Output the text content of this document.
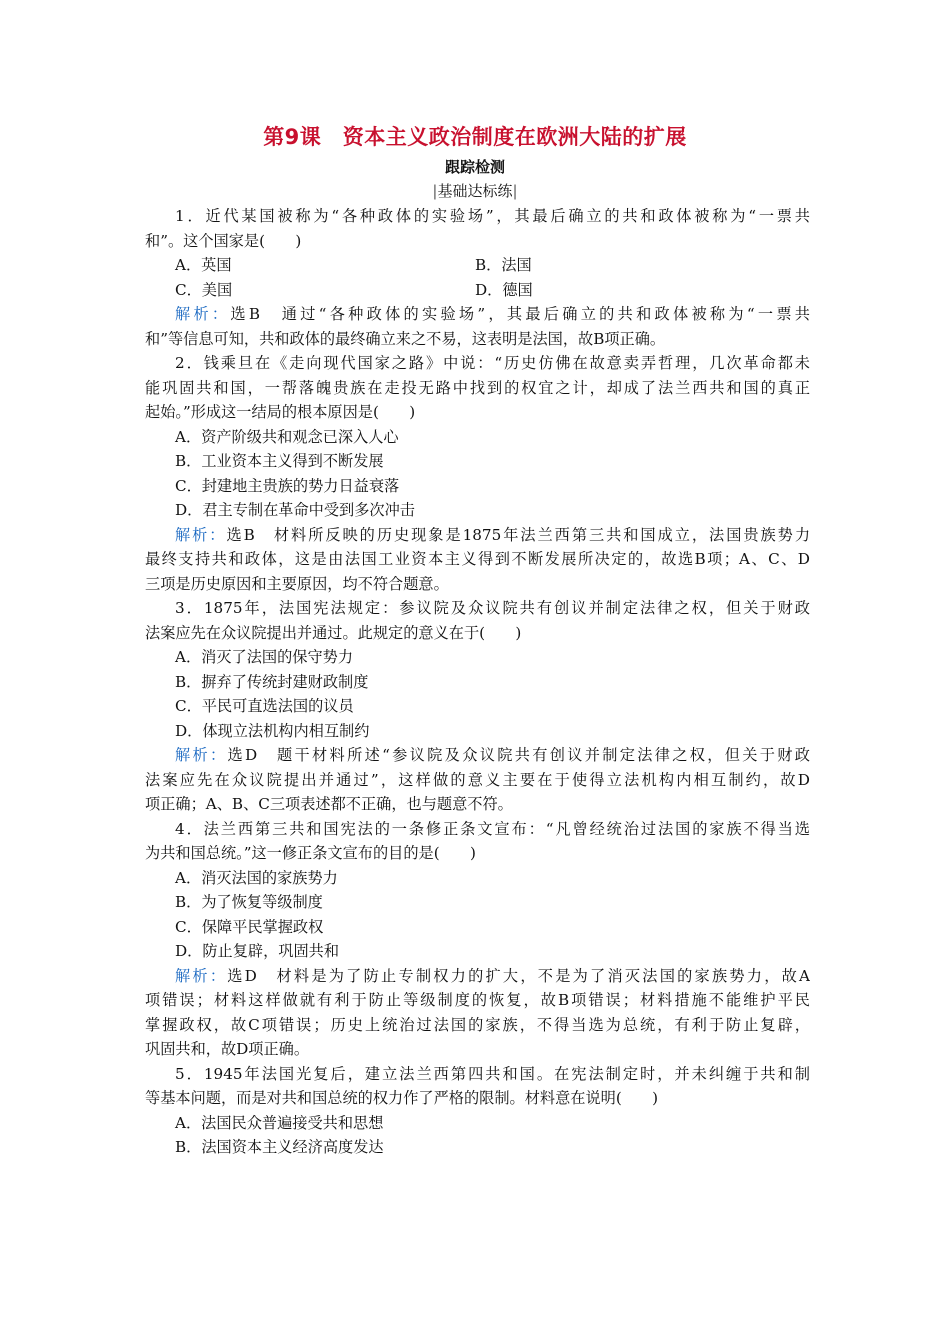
第9课　资本主义政治制度在欧洲大陆的扩展
跟踪检测
|基础达标练|
1．近代某国被称为“各种政体的实验场”，其最后确立的共和政体被称为“一票共
和”。这个国家是(　　)
A．英国	B．法国
C．美国	D．德国
解析：选B　通过“各种政体的实验场”，其最后确立的共和政体被称为“一票共
和”等信息可知，共和政体的最终确立来之不易，这表明是法国，故B项正确。
2．钱乘旦在《走向现代国家之路》中说：“历史仿佛在故意卖弄哲理，几次革命都未
能巩固共和国，一帮落魄贵族在走投无路中找到的权宜之计，却成了法兰西共和国的真正
起始。”形成这一结局的根本原因是(　　)
A．资产阶级共和观念已深入人心
B．工业资本主义得到不断发展
C．封建地主贵族的势力日益衰落
D．君主专制在革命中受到多次冲击
解析：选B　材料所反映的历史现象是1875年法兰西第三共和国成立，法国贵族势力
最终支持共和政体，这是由法国工业资本主义得到不断发展所决定的，故选B项；A、C、D
三项是历史原因和主要原因，均不符合题意。
3．1875年，法国宪法规定：参议院及众议院共有创议并制定法律之权，但关于财政
法案应先在众议院提出并通过。此规定的意义在于(　　)
A．消灭了法国的保守势力
B．摒弃了传统封建财政制度
C．平民可直选法国的议员
D．体现立法机构内相互制约
解析：选D　题干材料所述“参议院及众议院共有创议并制定法律之权，但关于财政
法案应先在众议院提出并通过”，这样做的意义主要在于使得立法机构内相互制约，故D
项正确；A、B、C三项表述都不正确，也与题意不符。
4．法兰西第三共和国宪法的一条修正条文宣布：“凡曾经统治过法国的家族不得当选
为共和国总统。”这一修正条文宣布的目的是(　　)
A．消灭法国的家族势力
B．为了恢复等级制度
C．保障平民掌握政权
D．防止复辟，巩固共和
解析：选D　材料是为了防止专制权力的扩大，不是为了消灭法国的家族势力，故A
项错误；材料这样做就有利于防止等级制度的恢复，故B项错误；材料措施不能维护平民
掌握政权，故C项错误；历史上统治过法国的家族，不得当选为总统，有利于防止复辟，
巩固共和，故D项正确。
5．1945年法国光复后，建立法兰西第四共和国。在宪法制定时，并未纠缠于共和制
等基本问题，而是对共和国总统的权力作了严格的限制。材料意在说明(　　)
A．法国民众普遍接受共和思想
B．法国资本主义经济高度发达
